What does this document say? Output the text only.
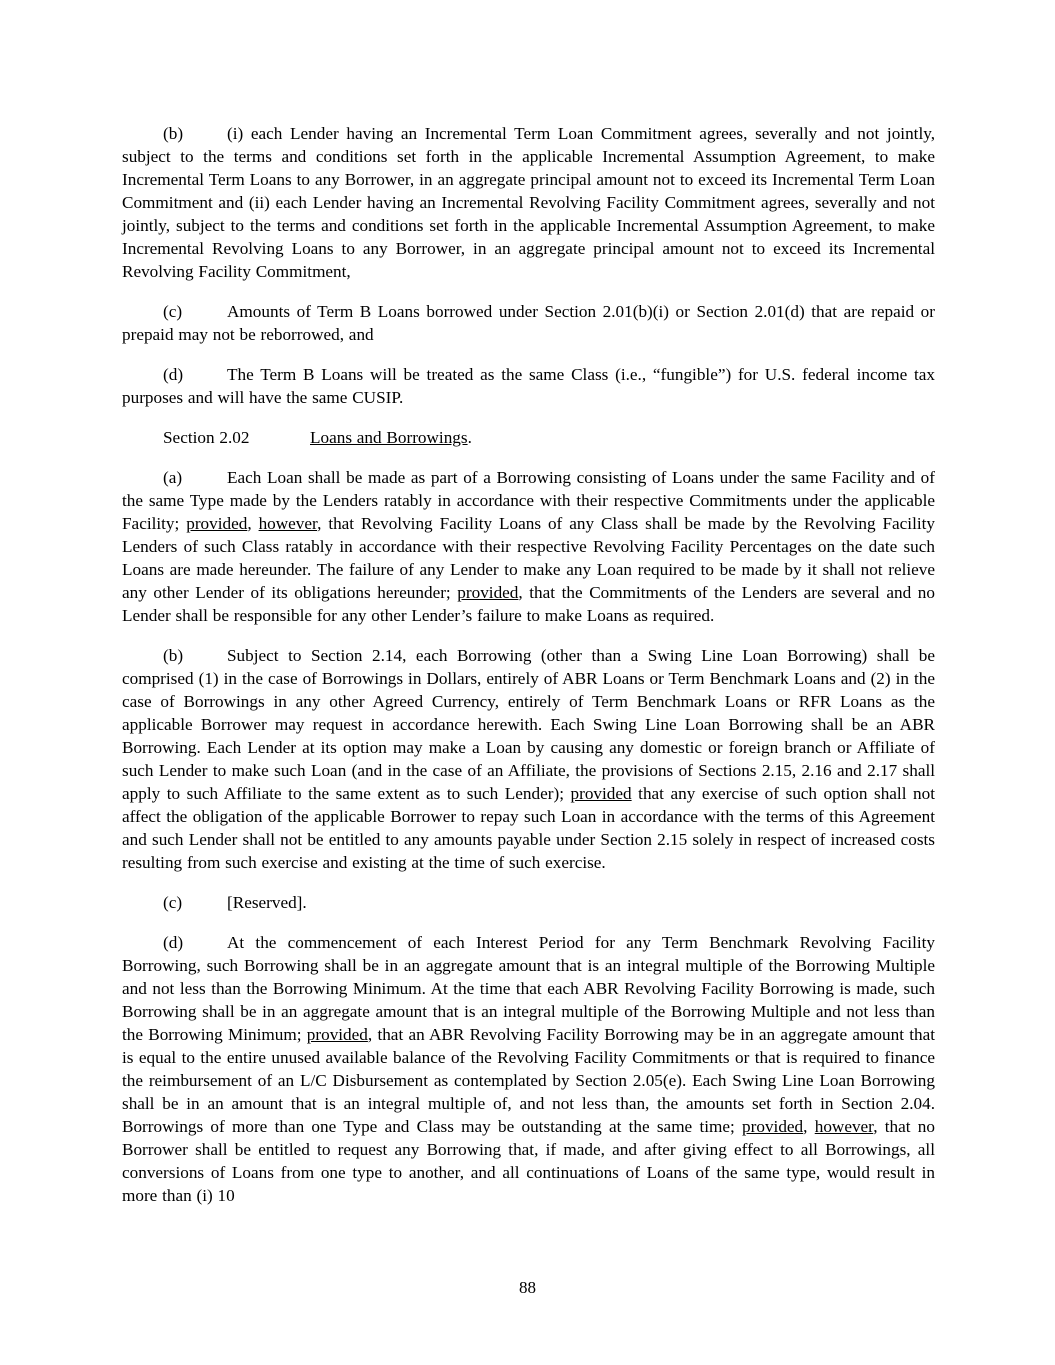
(b)	(i) each Lender having an Incremental Term Loan Commitment agrees, severally and not jointly, subject to the terms and conditions set forth in the applicable Incremental Assumption Agreement, to make Incremental Term Loans to any Borrower, in an aggregate principal amount not to exceed its Incremental Term Loan Commitment and (ii) each Lender having an Incremental Revolving Facility Commitment agrees, severally and not jointly, subject to the terms and conditions set forth in the applicable Incremental Assumption Agreement, to make Incremental Revolving Loans to any Borrower, in an aggregate principal amount not to exceed its Incremental Revolving Facility Commitment,

(c)	Amounts of Term B Loans borrowed under Section 2.01(b)(i) or Section 2.01(d) that are repaid or prepaid may not be reborrowed, and

(d)	The Term B Loans will be treated as the same Class (i.e., “fungible”) for U.S. federal income tax purposes and will have the same CUSIP.

Section 2.02	Loans and Borrowings.

(a)	Each Loan shall be made as part of a Borrowing consisting of Loans under the same Facility and of the same Type made by the Lenders ratably in accordance with their respective Commitments under the applicable Facility; provided, however, that Revolving Facility Loans of any Class shall be made by the Revolving Facility Lenders of such Class ratably in accordance with their respective Revolving Facility Percentages on the date such Loans are made hereunder. The failure of any Lender to make any Loan required to be made by it shall not relieve any other Lender of its obligations hereunder; provided, that the Commitments of the Lenders are several and no Lender shall be responsible for any other Lender’s failure to make Loans as required.

(b)	Subject to Section 2.14, each Borrowing (other than a Swing Line Loan Borrowing) shall be comprised (1) in the case of Borrowings in Dollars, entirely of ABR Loans or Term Benchmark Loans and (2) in the case of Borrowings in any other Agreed Currency, entirely of Term Benchmark Loans or RFR Loans as the applicable Borrower may request in accordance herewith. Each Swing Line Loan Borrowing shall be an ABR Borrowing. Each Lender at its option may make a Loan by causing any domestic or foreign branch or Affiliate of such Lender to make such Loan (and in the case of an Affiliate, the provisions of Sections 2.15, 2.16 and 2.17 shall apply to such Affiliate to the same extent as to such Lender); provided that any exercise of such option shall not affect the obligation of the applicable Borrower to repay such Loan in accordance with the terms of this Agreement and such Lender shall not be entitled to any amounts payable under Section 2.15 solely in respect of increased costs resulting from such exercise and existing at the time of such exercise.

(c)	[Reserved].

(d)	At the commencement of each Interest Period for any Term Benchmark Revolving Facility Borrowing, such Borrowing shall be in an aggregate amount that is an integral multiple of the Borrowing Multiple and not less than the Borrowing Minimum. At the time that each ABR Revolving Facility Borrowing is made, such Borrowing shall be in an aggregate amount that is an integral multiple of the Borrowing Multiple and not less than the Borrowing Minimum; provided, that an ABR Revolving Facility Borrowing may be in an aggregate amount that is equal to the entire unused available balance of the Revolving Facility Commitments or that is required to finance the reimbursement of an L/C Disbursement as contemplated by Section 2.05(e). Each Swing Line Loan Borrowing shall be in an amount that is an integral multiple of, and not less than, the amounts set forth in Section 2.04. Borrowings of more than one Type and Class may be outstanding at the same time; provided, however, that no Borrower shall be entitled to request any Borrowing that, if made, and after giving effect to all Borrowings, all conversions of Loans from one type to another, and all continuations of Loans of the same type, would result in more than (i) 10

88
